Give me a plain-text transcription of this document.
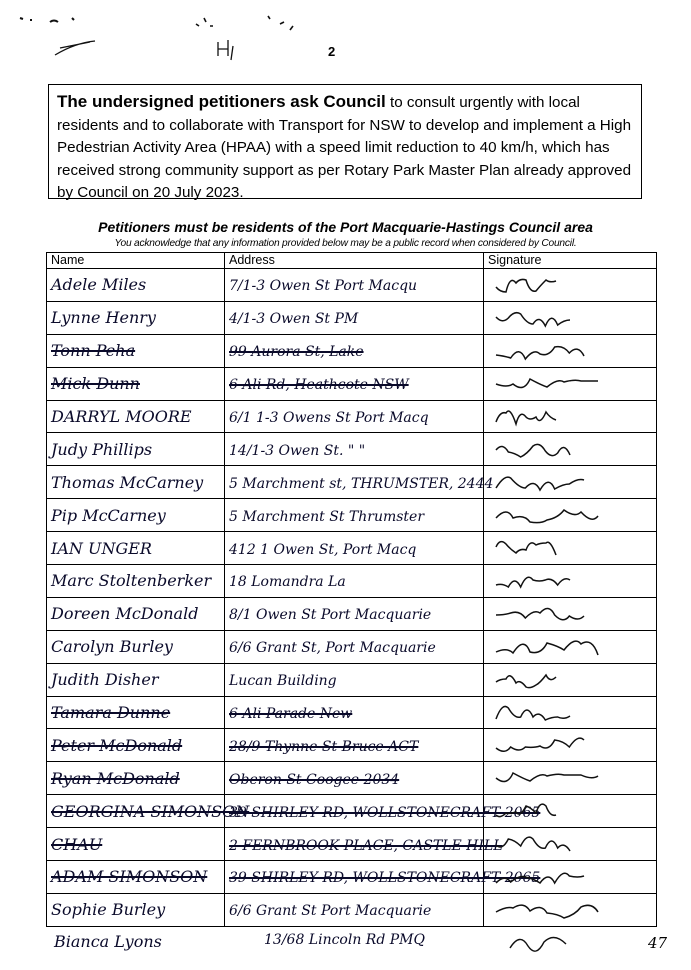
2
The undersigned petitioners ask Council to consult urgently with local residents and to collaborate with Transport for NSW to develop and implement a High Pedestrian Activity Area (HPAA) with a speed limit reduction to 40 km/h, which has received strong community support as per Rotary Park Master Plan already approved by Council on 20 July 2023.
Petitioners must be residents of the Port Macquarie-Hastings Council area
You acknowledge that any information provided below may be a public record when considered by Council.
Name	Address	Signature
Adele Miles	7/1-3 Owen St Port Macqu	

Lynne Henry	4/1-3 Owen St PM	

Tonn Peha	99 Aurora St, Lake	

Mick Dunn	6 Ali Rd, Heathcote NSW	

DARRYL MOORE	6/1 1-3 Owens St Port Macq	

Judy Phillips	14/1-3 Owen St. " "	

Thomas McCarney	5 Marchment st, THRUMSTER, 2444	

Pip McCarney	5 Marchment St Thrumster	

IAN UNGER	412 1 Owen St, Port Macq	

Marc Stoltenberker	18 Lomandra La	

Doreen McDonald	8/1 Owen St Port Macquarie	

Carolyn Burley	6/6 Grant St, Port Macquarie	

Judith Disher	Lucan Building	

Tamara Dunne	6 Ali Parade New	

Peter McDonald	28/9 Thynne St Bruce ACT	

Ryan McDonald	Oberon St Coogee 2034	

GEORGINA SIMONSON	39 SHIRLEY RD, WOLLSTONECRAFT 2065	

CHAU	2 FERNBROOK PLACE, CASTLE HILL	

ADAM SIMONSON	39 SHIRLEY RD, WOLLSTONECRAFT 2065	

Sophie Burley	6/6 Grant St Port Macquarie	
Bianca Lyons	13/68 Lincoln Rd PMQ	47
